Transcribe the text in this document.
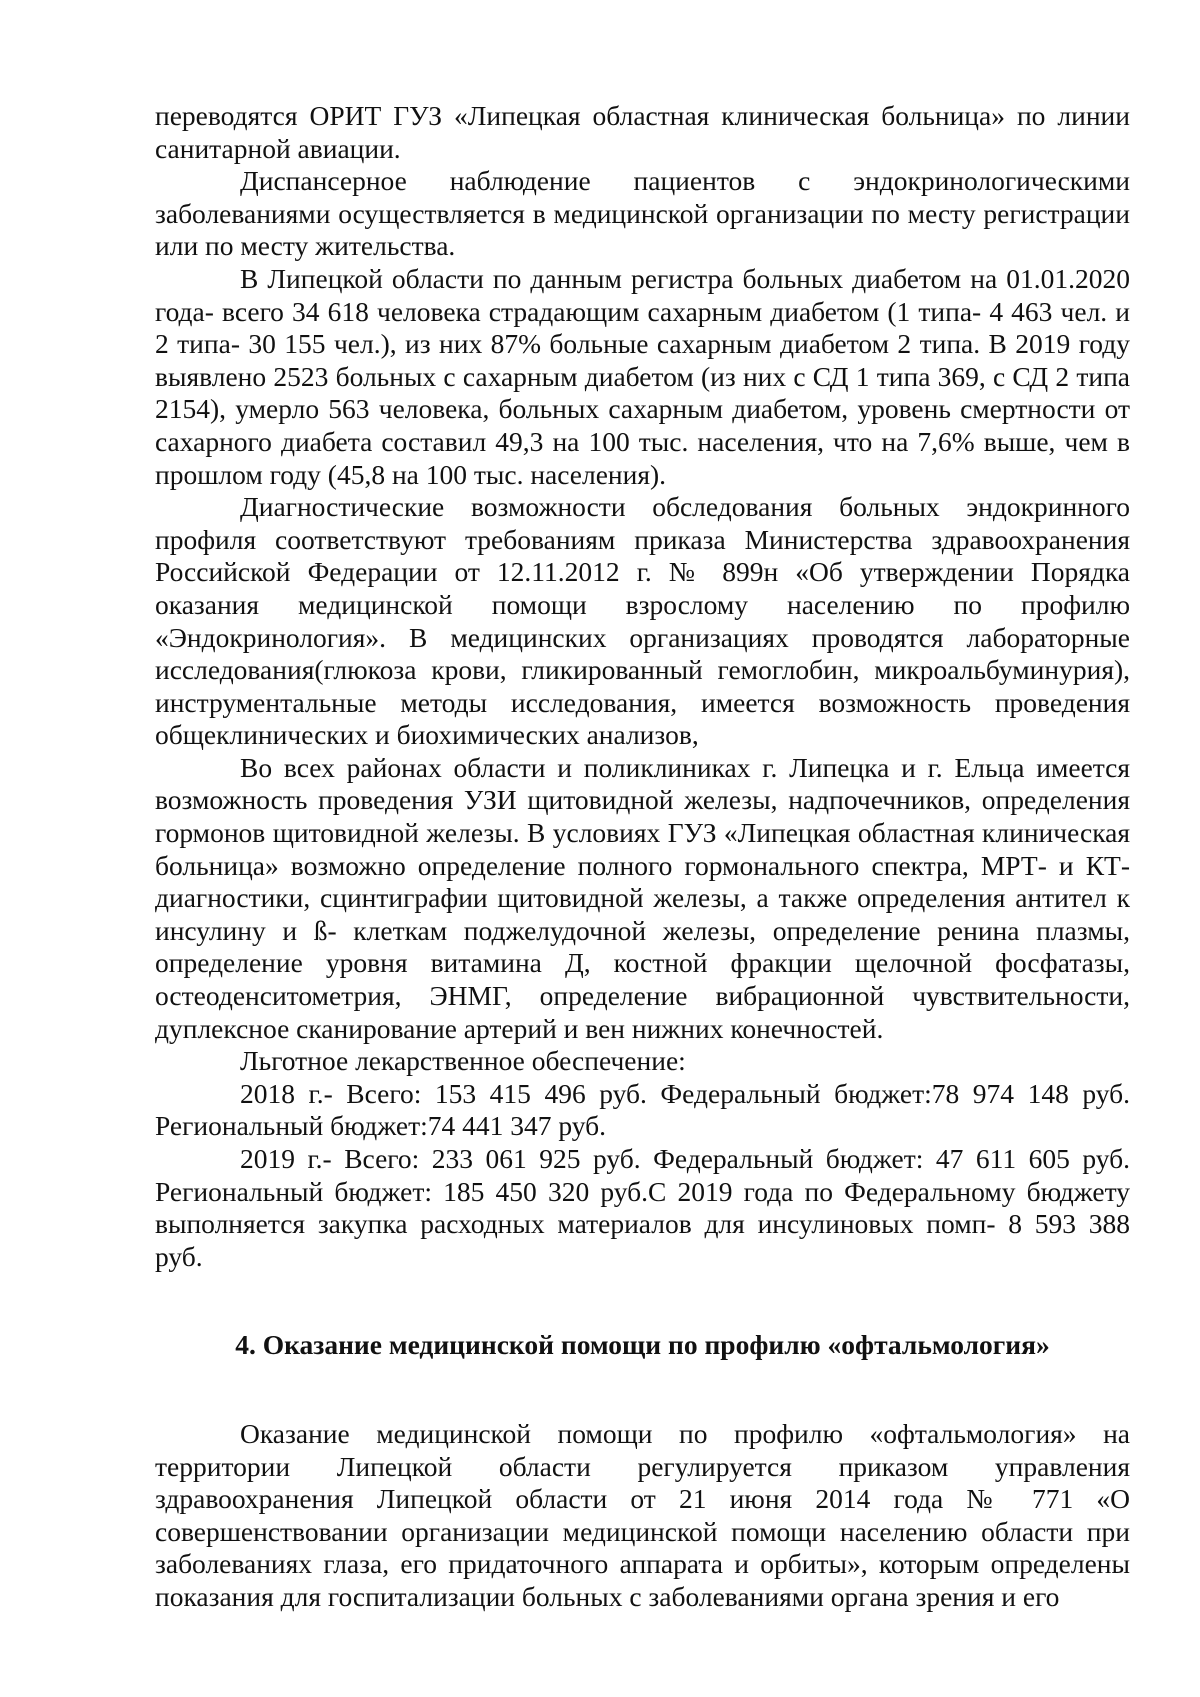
переводятся ОРИТ ГУЗ «Липецкая областная клиническая больница» по линии санитарной авиации.

Диспансерное наблюдение пациентов с эндокринологическими заболеваниями осуществляется в медицинской организации по месту регистрации или по месту жительства.

В Липецкой области по данным регистра больных диабетом на 01.01.2020 года- всего 34 618 человека страдающим сахарным диабетом (1 типа- 4 463 чел. и 2 типа- 30 155 чел.), из них 87% больные сахарным диабетом 2 типа. В 2019 году выявлено 2523 больных с сахарным диабетом (из них с СД 1 типа 369, с СД 2 типа 2154), умерло 563 человека, больных сахарным диабетом, уровень смертности от сахарного диабета составил 49,3 на 100 тыс. населения, что на 7,6% выше, чем в прошлом году (45,8 на 100 тыс. населения).

Диагностические возможности обследования больных эндокринного профиля соответствуют требованиям приказа Министерства здравоохранения Российской Федерации от 12.11.2012 г. № 899н «Об утверждении Порядка оказания медицинской помощи взрослому населению по профилю «Эндокринология». В медицинских организациях проводятся лабораторные исследования(глюкоза крови, гликированный гемоглобин, микроальбуминурия), инструментальные методы исследования, имеется возможность проведения общеклинических и биохимических анализов,

Во всех районах области и поликлиниках г. Липецка и г. Ельца имеется возможность проведения УЗИ щитовидной железы, надпочечников, определения гормонов щитовидной железы. В условиях ГУЗ «Липецкая областная клиническая больница» возможно определение полного гормонального спектра, МРТ- и КТ- диагностики, сцинтиграфии щитовидной железы, а также определения антител к инсулину и ß- клеткам поджелудочной железы, определение ренина плазмы, определение уровня витамина Д, костной фракции щелочной фосфатазы, остеоденситометрия, ЭНМГ, определение вибрационной чувствительности, дуплексное сканирование артерий и вен нижних конечностей.

Льготное лекарственное обеспечение:

2018 г.- Всего: 153 415 496 руб. Федеральный бюджет:78 974 148 руб. Региональный бюджет:74 441 347 руб.

2019 г.- Всего: 233 061 925 руб. Федеральный бюджет: 47 611 605 руб. Региональный бюджет: 185 450 320 руб.С 2019 года по Федеральному бюджету выполняется закупка расходных материалов для инсулиновых помп- 8 593 388 руб.

4. Оказание медицинской помощи по профилю «офтальмология»

Оказание медицинской помощи по профилю «офтальмология» на территории Липецкой области регулируется приказом управления здравоохранения Липецкой области от 21 июня 2014 года № 771 «О совершенствовании организации медицинской помощи населению области при заболеваниях глаза, его придаточного аппарата и орбиты», которым определены показания для госпитализации больных с заболеваниями органа зрения и его
